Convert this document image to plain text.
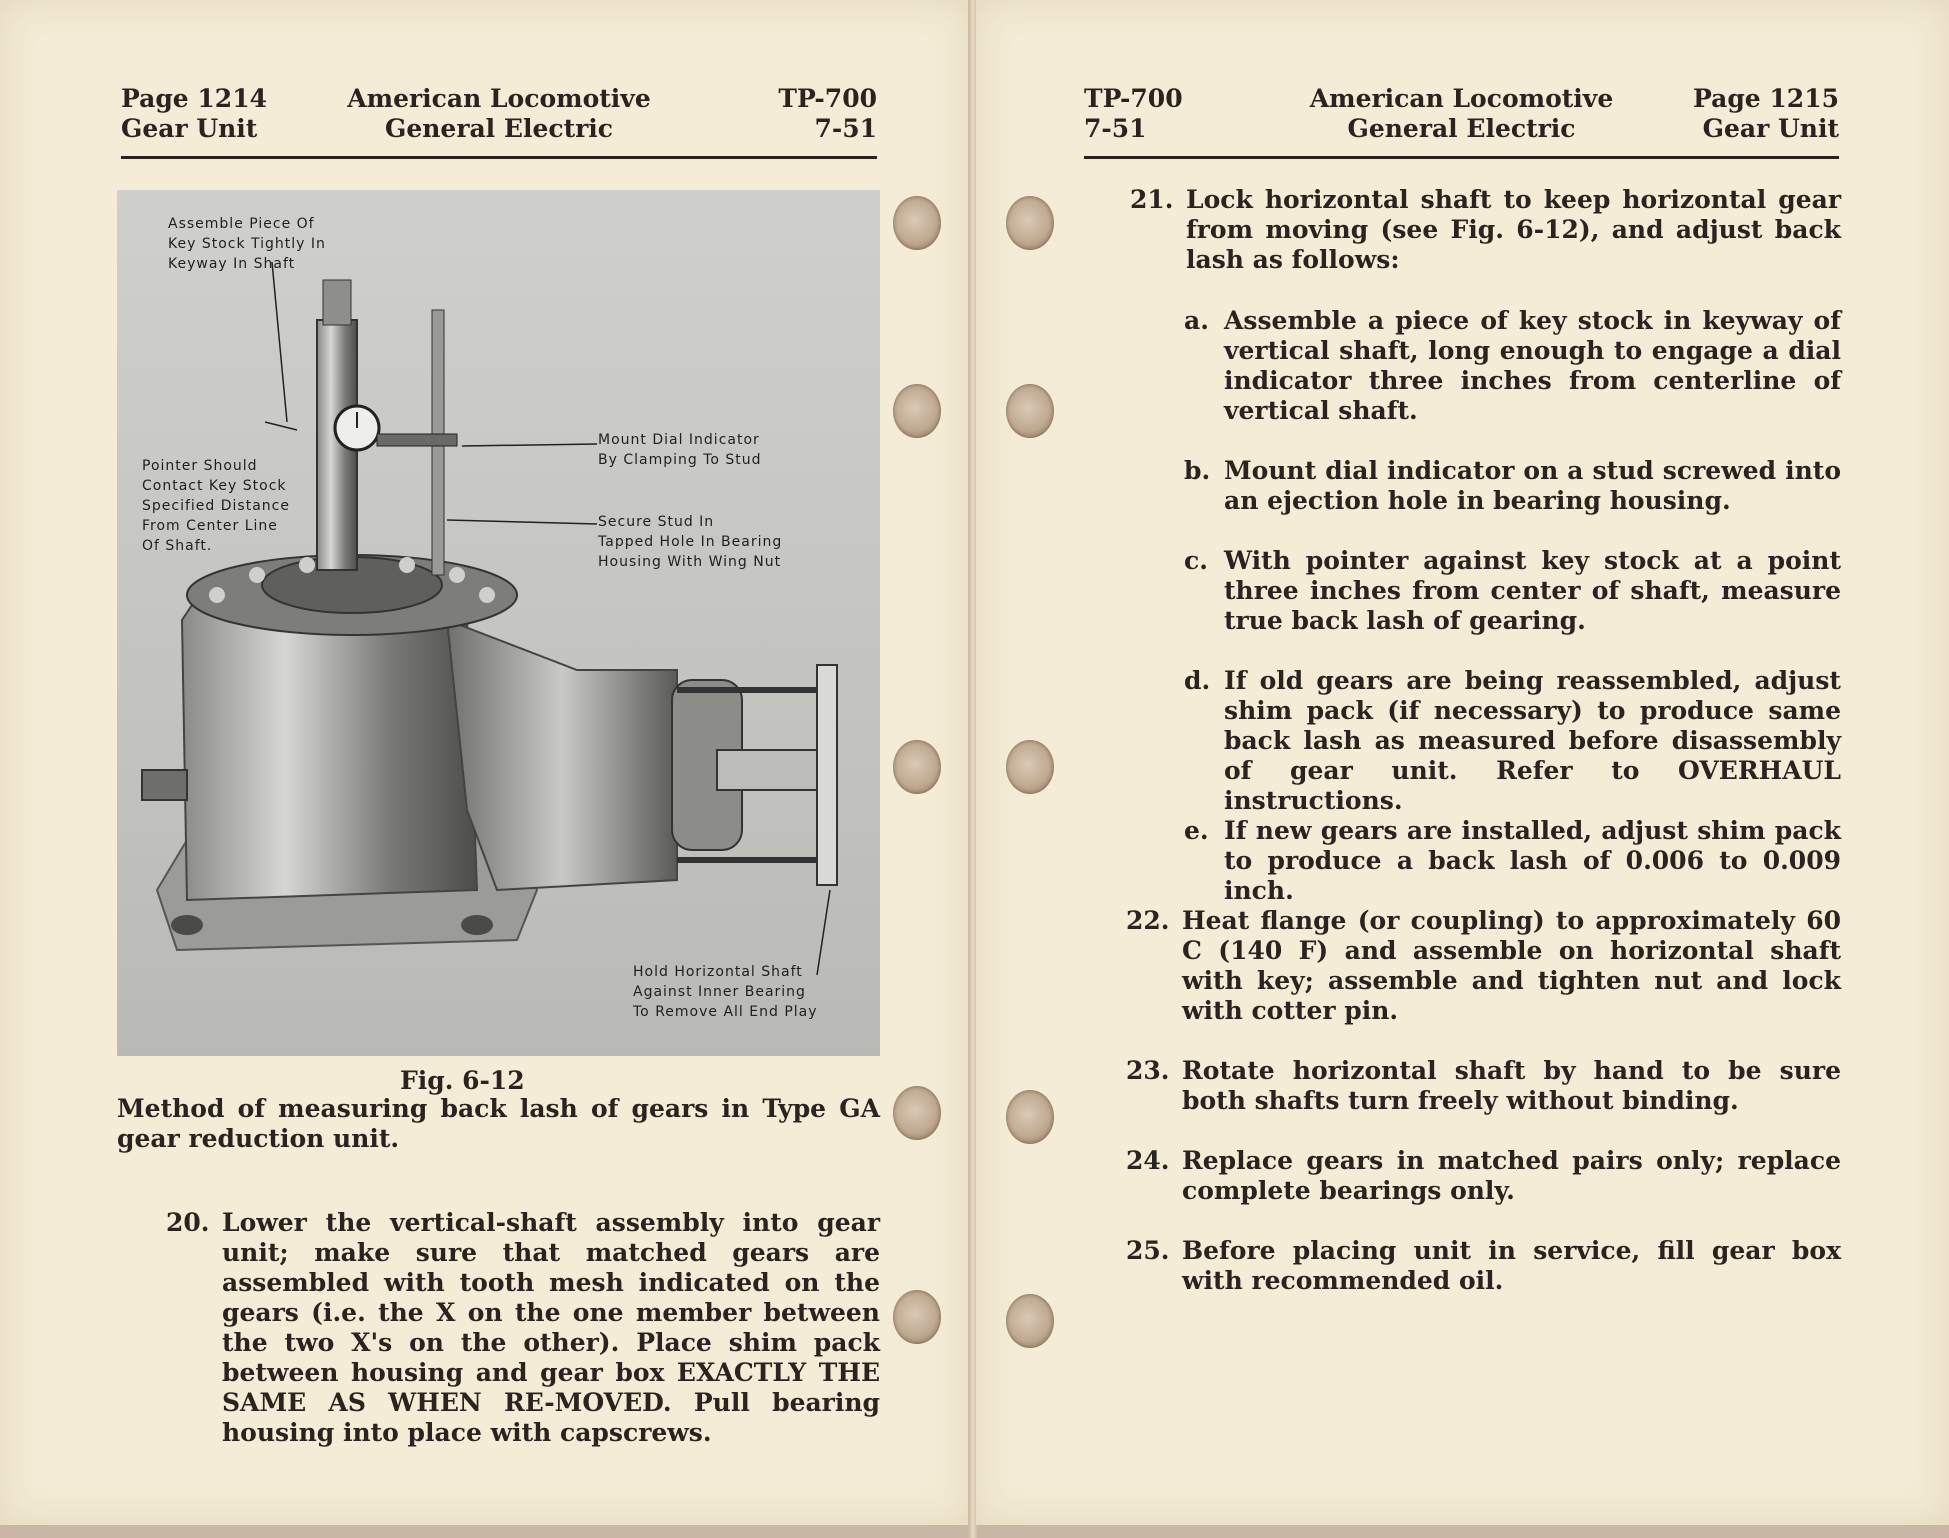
Page 1214
Gear Unit
American Locomotive
General Electric
TP-700
7-51
Assemble Piece Of
Key Stock Tightly In
Keyway In Shaft
Pointer Should
Contact Key Stock
Specified Distance
From Center Line
Of Shaft.
Mount Dial Indicator
By Clamping To Stud
Secure Stud In
Tapped Hole In Bearing
Housing With Wing Nut
Hold Horizontal Shaft
Against Inner Bearing
To Remove All End Play
Fig. 6-12
Method of measuring back lash of gears in Type GA gear reduction unit.
20. Lower the vertical-shaft assembly into gear unit; make sure that matched gears are assembled with tooth mesh indicated on the gears (i.e. the X on the one member between the two X's on the other). Place shim pack between housing and gear box EXACTLY THE SAME AS WHEN RE-MOVED. Pull bearing housing into place with capscrews.
TP-700
7-51
American Locomotive
General Electric
Page 1215
Gear Unit
21. Lock horizontal shaft to keep horizontal gear from moving (see Fig. 6-12), and adjust back lash as follows:
a. Assemble a piece of key stock in keyway of vertical shaft, long enough to engage a dial indicator three inches from centerline of vertical shaft.
b. Mount dial indicator on a stud screwed into an ejection hole in bearing housing.
c. With pointer against key stock at a point three inches from center of shaft, measure true back lash of gearing.
d. If old gears are being reassembled, adjust shim pack (if necessary) to produce same back lash as measured before disassembly of gear unit. Refer to OVERHAUL instructions.
e. If new gears are installed, adjust shim pack to produce a back lash of 0.006 to 0.009 inch.
22. Heat flange (or coupling) to approximately 60 C (140 F) and assemble on horizontal shaft with key; assemble and tighten nut and lock with cotter pin.
23. Rotate horizontal shaft by hand to be sure both shafts turn freely without binding.
24. Replace gears in matched pairs only; replace complete bearings only.
25. Before placing unit in service, fill gear box with recommended oil.
